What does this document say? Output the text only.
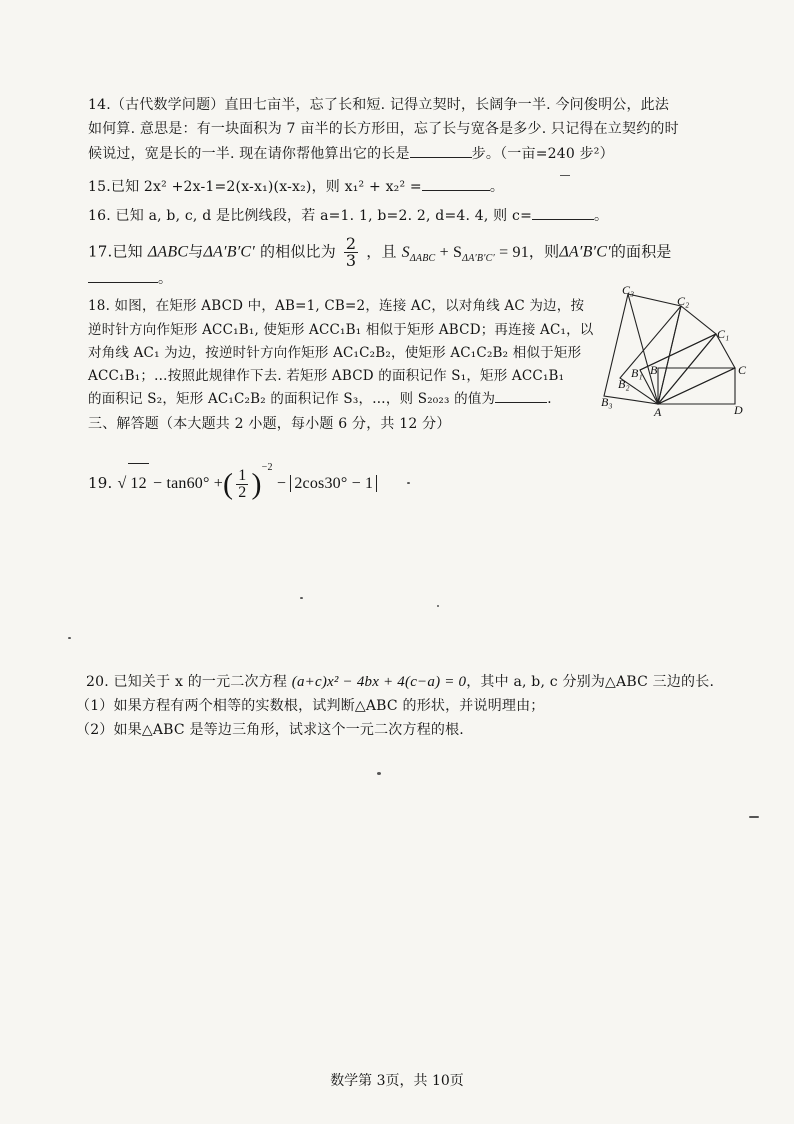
14.（古代数学问题）直田七亩半，忘了长和短. 记得立契时，长阔争一半. 今问俊明公，此法
如何算. 意思是：有一块面积为 7 亩半的长方形田，忘了长与宽各是多少. 只记得在立契约的时
候说过，宽是长的一半. 现在请你帮他算出它的长是	步。（一亩=240 步²）
15.已知 2x² +2x-1=2(x-x₁)(x-x₂)，则 x₁² + x₂² =	。
16. 已知 a, b, c, d 是比例线段，若 a=1. 1, b=2. 2, d=4. 4, 则 c=	。
17.已知 ΔABC与ΔA′B′C′ 的相似比为 $\frac{2}{3}$ ，且 $S_{\Delta ABC} + S_{\Delta A'B'C'} = 91$，则ΔA′B′C′的面积是
。
18. 如图，在矩形 ABCD 中，AB=1, CB=2，连接 AC，以对角线 AC 为边，按
逆时针方向作矩形 ACC₁B₁, 使矩形 ACC₁B₁ 相似于矩形 ABCD；再连接 AC₁，以
对角线 AC₁ 为边，按逆时针方向作矩形 AC₁C₂B₂，使矩形 AC₁C₂B₂ 相似于矩形
ACC₁B₁；…按照此规律作下去. 若矩形 ABCD 的面积记作 S₁，矩形 ACC₁B₁
的面积记 S₂，矩形 AC₁C₂B₂ 的面积记作 S₃，…，则 S₂₀₂₃ 的值为	.
C₃
C₂
C₁
C
B₁ B
B₂
B₃
A	D
三、解答题（本大题共 2 小题，每小题 6 分，共 12 分）
19. √ 12 − tan60° +( $\frac{1}{2} )^{-2} - 2\cos 30^\circ - 1$
20. 已知关于 x 的一元二次方程 (a+c)x² − 4bx + 4(c−a) = 0，其中 a, b, c 分别为△ABC 三边的长.
（1）如果方程有两个相等的实数根，试判断△ABC 的形状，并说明理由；
（2）如果△ABC 是等边三角形，试求这个一元二次方程的根.
数学第 3页，共 10页
